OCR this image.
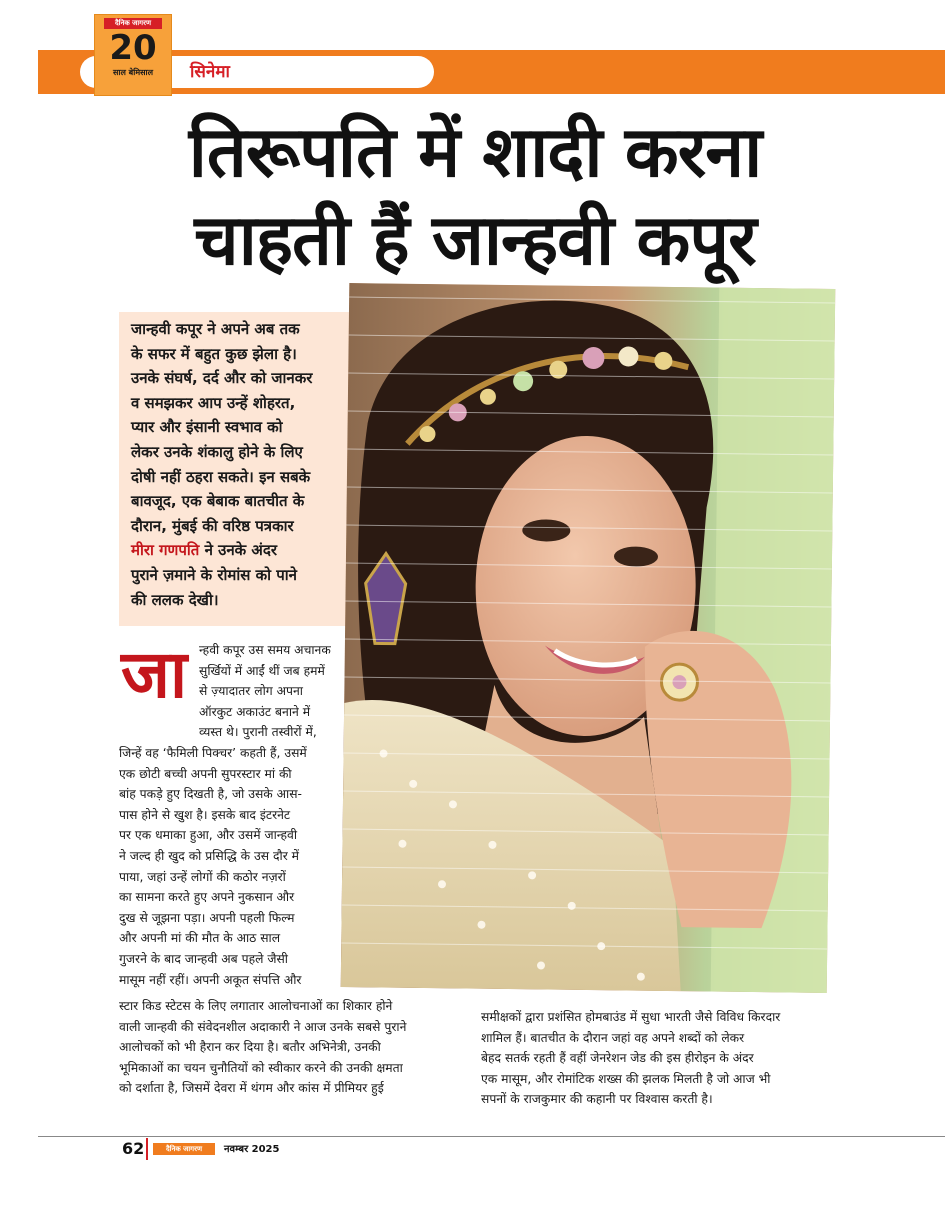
सिनेमा
दैनिक जागरण
20
साल बेमिसाल
तिरूपति में शादी करना
चाहती हैं जान्हवी कपूर
जान्हवी कपूर ने अपने अब तक
के सफर में बहुत कुछ झेला है।
उनके संघर्ष, दर्द और को जानकर
व समझकर आप उन्हें शोहरत,
प्यार और इंसानी स्वभाव को
लेकर उनके शंकालु होने के लिए
दोषी नहीं ठहरा सकते। इन सबके
बावजूद, एक बेबाक बातचीत के
दौरान, मुंबई की वरिष्ठ पत्रकार
मीरा गणपति ने उनके अंदर
पुराने ज़माने के रोमांस को पाने
की ललक देखी।
जा न्हवी कपूर उस समय अचानक
सुर्खियों में आईं थीं जब हममें
से ज़्यादातर लोग अपना
ऑरकुट अकाउंट बनाने में
व्यस्त थे। पुरानी तस्वीरों में,
जिन्हें वह ‘फैमिली पिक्चर’ कहती हैं, उसमें
एक छोटी बच्ची अपनी सुपरस्टार मां की
बांह पकड़े हुए दिखती है, जो उसके आस-
पास होने से खुश है। इसके बाद इंटरनेट
पर एक धमाका हुआ, और उसमें जान्हवी
ने जल्द ही खुद को प्रसिद्धि के उस दौर में
पाया, जहां उन्हें लोगों की कठोर नज़रों
का सामना करते हुए अपने नुकसान और
दुख से जूझना पड़ा। अपनी पहली फिल्म
और अपनी मां की मौत के आठ साल
गुजरने के बाद जान्हवी अब पहले जैसी
मासूम नहीं रहीं। अपनी अकूत संपत्ति और
स्टार किड स्टेटस के लिए लगातार आलोचनाओं का शिकार होने
वाली जान्हवी की संवेदनशील अदाकारी ने आज उनके सबसे पुराने
आलोचकों को भी हैरान कर दिया है। बतौर अभिनेत्री, उनकी
भूमिकाओं का चयन चुनौतियों को स्वीकार करने की उनकी क्षमता
को दर्शाता है, जिसमें देवरा में थंगम और कांस में प्रीमियर हुई
समीक्षकों द्वारा प्रशंसित होमबाउंड में सुधा भारती जैसे विविध किरदार
शामिल हैं। बातचीत के दौरान जहां वह अपने शब्दों को लेकर
बेहद सतर्क रहती हैं वहीं जेनरेशन जेड की इस हीरोइन के अंदर
एक मासूम, और रोमांटिक शख्स की झलक मिलती है जो आज भी
सपनों के राजकुमार की कहानी पर विश्वास करती है।
62	दैनिक जागरण	नवम्बर 2025
